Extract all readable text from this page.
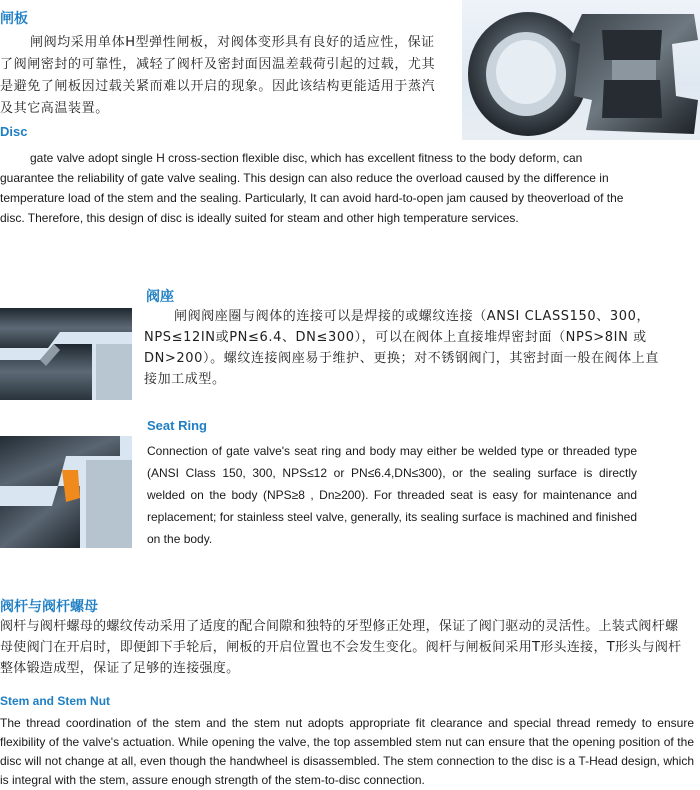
闸板
闸阀均采用单体H型弹性闸板，对阀体变形具有良好的适应性，保证了阀闸密封的可靠性，减轻了阀杆及密封面因温差载荷引起的过载，尤其是避免了闸板因过载关紧而难以开启的现象。因此该结构更能适用于蒸汽及其它高温装置。
Disc
gate valve adopt single H cross-section flexible disc, which has excellent fitness to the body deform, can guarantee the reliability of gate valve sealing. This design can also reduce the overload caused by the difference in temperature load of the stem and the sealing. Particularly, It can avoid hard-to-open jam caused by theoverload of the disc. Therefore, this design of disc is ideally suited for steam and other high temperature services.
阀座
闸阀阀座圈与阀体的连接可以是焊接的或螺纹连接（ANSI CLASS150、300，NPS≤12IN或PN≤6.4、DN≤300），可以在阀体上直接堆焊密封面（NPS>8IN 或DN>200）。螺纹连接阀座易于维护、更换；对不锈钢阀门，其密封面一般在阀体上直接加工成型。
Seat Ring
Connection of gate valve's seat ring and body may either be welded type or threaded type (ANSI Class 150, 300, NPS≤12 or PN≤6.4,DN≤300), or the sealing surface is directly welded on the body (NPS≥8 , Dn≥200). For threaded seat is easy for maintenance and replacement; for stainless steel valve, generally, its sealing surface is machined and finished on the body.
阀杆与阀杆螺母
阀杆与阀杆螺母的螺纹传动采用了适度的配合间隙和独特的牙型修正处理，保证了阀门驱动的灵活性。上装式阀杆螺母使阀门在开启时，即便卸下手轮后，闸板的开启位置也不会发生变化。阀杆与闸板间采用T形头连接，T形头与阀杆整体锻造成型，保证了足够的连接强度。
Stem and Stem Nut
The thread coordination of the stem and the stem nut adopts appropriate fit clearance and special thread remedy to ensure flexibility of the valve's actuation. While opening the valve, the top assembled stem nut can ensure that the opening position of the disc will not change at all, even though the handwheel is disassembled. The stem connection to the disc is a T-Head design, which is integral with the stem, assure enough strength of the stem-to-disc connection.
